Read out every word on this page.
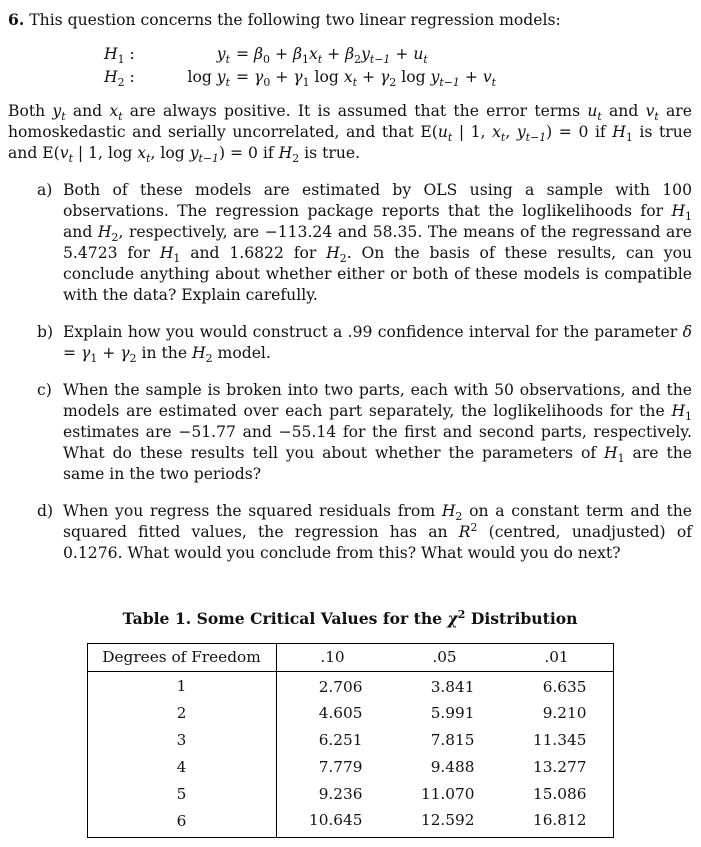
6. This question concerns the following two linear regression models:

$H_1$ :	$y_t = \beta_0 + \beta_1x_t + \beta_2y_{t-1} + u_t$
$H_2$ :	$\log y_t = \gamma_0 + \gamma_1$ $\log x_t + \gamma_2$ $\log y_{t-1} + v_t$

Both $y_t$ and $x_t$ are always positive. It is assumed that the error terms $u_t$ and $v_t$ are homoskedastic and serially uncorrelated, and that $E(u_t$ | 1, $x_t$, $y_{t-1}) = 0$ if $H_1$ is true and $E(v_t$ | 1, $\log x_t$, $\log y_{t-1}) = 0$ if $H_2$ is true.

a) Both of these models are estimated by OLS using a sample with 100 observations. The regression package reports that the loglikelihoods for $H_1$ and $H_2$, respectively, are −113.24 and 58.35. The means of the regressand are 5.4723 for $H_1$ and 1.6822 for $H_2$. On the basis of these results, can you conclude anything about whether either or both of these models is compatible with the data? Explain carefully.
b) Explain how you would construct a .99 confidence interval for the parameter $\delta = \gamma_1 + \gamma_2$ in the $H_2$ model.
c) When the sample is broken into two parts, each with 50 observations, and the models are estimated over each part separately, the loglikelihoods for the $H_1$ estimates are −51.77 and −55.14 for the first and second parts, respectively. What do these results tell you about whether the parameters of $H_1$ are the same in the two periods?
d) When you regress the squared residuals from $H_2$ on a constant term and the squared fitted values, the regression has an $R^2$ (centred, unadjusted) of 0.1276. What would you conclude from this? What would you do next?

Table 1. Some Critical Values for the $\chi^2$ Distribution

Degrees of Freedom	.10	.05	.01
1	2.706	3.841	6.635
2	4.605	5.991	9.210
3	6.251	7.815	11.345
4	7.779	9.488	13.277
5	9.236	11.070	15.086
6	10.645	12.592	16.812
